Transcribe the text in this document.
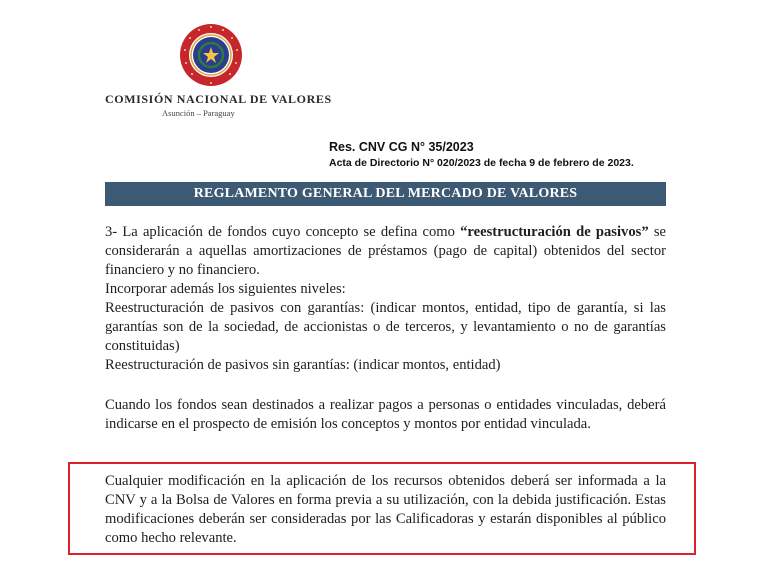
COMISIÓN NACIONAL DE VALORES
Asunción – Paraguay
Res. CNV CG N° 35/2023
Acta de Directorio N° 020/2023 de fecha 9 de febrero de 2023.
REGLAMENTO GENERAL DEL MERCADO DE VALORES

3- La aplicación de fondos cuyo concepto se defina como “reestructuración de pasivos” se considerarán a aquellas amortizaciones de préstamos (pago de capital) obtenidos del sector financiero y no financiero.

Incorporar además los siguientes niveles:

Reestructuración de pasivos con garantías: (indicar montos, entidad, tipo de garantía, si las garantías son de la sociedad, de accionistas o de terceros, y levantamiento o no de garantías constituidas)

Reestructuración de pasivos sin garantías: (indicar montos, entidad)

Cuando los fondos sean destinados a realizar pagos a personas o entidades vinculadas, deberá indicarse en el prospecto de emisión los conceptos y montos por entidad vinculada.

Cualquier modificación en la aplicación de los recursos obtenidos deberá ser informada a la CNV y a la Bolsa de Valores en forma previa a su utilización, con la debida justificación. Estas modificaciones deberán ser consideradas por las Calificadoras y estarán disponibles al público como hecho relevante.
